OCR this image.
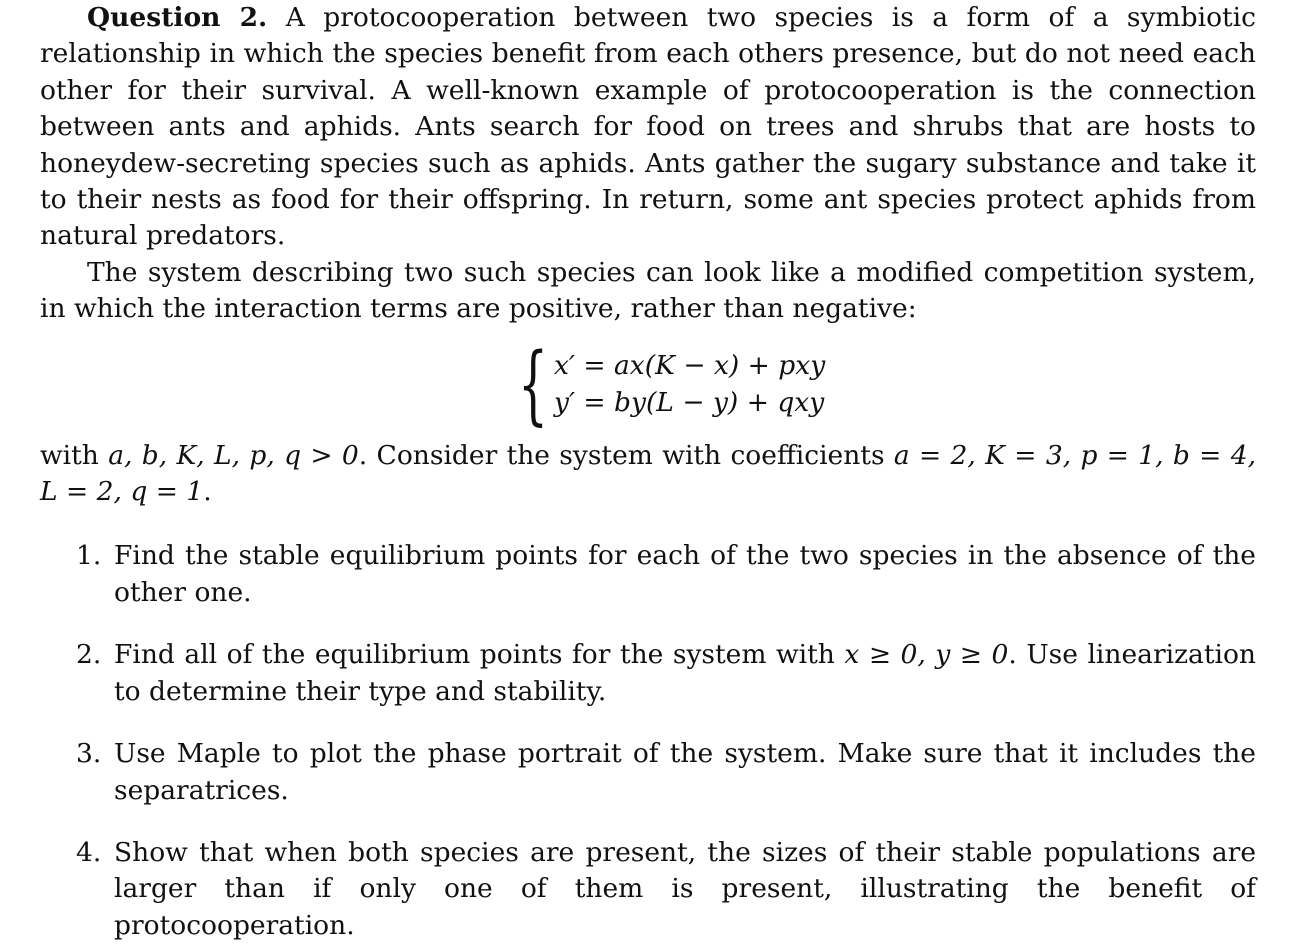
Question 2. A protocooperation between two species is a form of a symbiotic relationship in which the species benefit from each others presence, but do not need each other for their survival. A well-known example of protocooperation is the connection between ants and aphids. Ants search for food on trees and shrubs that are hosts to honeydew-secreting species such as aphids. Ants gather the sugary substance and take it to their nests as food for their offspring. In return, some ant species protect aphids from natural predators.

The system describing two such species can look like a modified competition system, in which the interaction terms are positive, rather than negative:

{ x′ = ax(K − x) + pxy
y′ = by(L − y) + qxy

with a, b, K, L, p, q > 0. Consider the system with coefficients a = 2, K = 3, p = 1, b = 4, L = 2, q = 1.

1. Find the stable equilibrium points for each of the two species in the absence of the other one.
2. Find all of the equilibrium points for the system with x ≥ 0, y ≥ 0. Use linearization to determine their type and stability.
3. Use Maple to plot the phase portrait of the system. Make sure that it includes the separatrices.
4. Show that when both species are present, the sizes of their stable populations are larger than if only one of them is present, illustrating the benefit of protocooperation.
